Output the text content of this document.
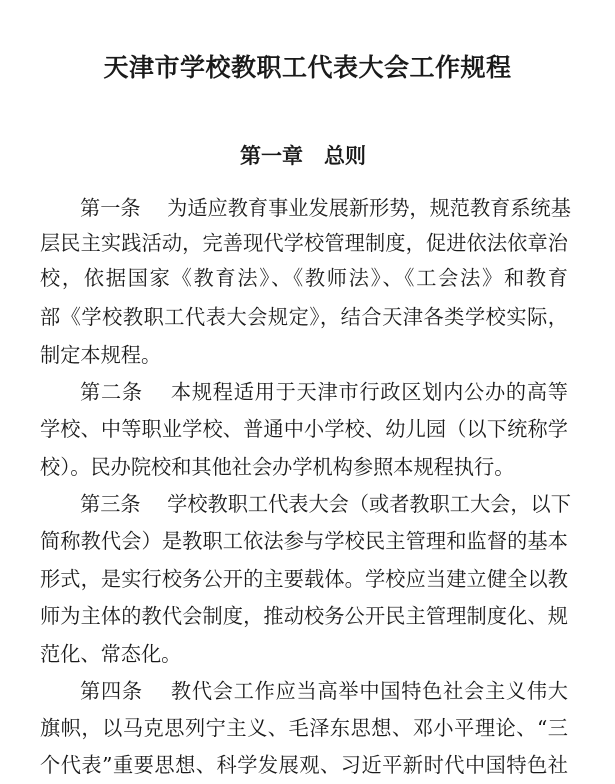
天津市学校教职工代表大会工作规程
第一章　总则
第一条　 为适应教育事业发展新形势，规范教育系统基
层民主实践活动，完善现代学校管理制度，促进依法依章治
校，依据国家《教育法》、《教师法》、《工会法》和教育
部《学校教职工代表大会规定》，结合天津各类学校实际，
制定本规程。
第二条　 本规程适用于天津市行政区划内公办的高等
学校、中等职业学校、普通中小学校、幼儿园（以下统称学
校）。民办院校和其他社会办学机构参照本规程执行。
第三条　 学校教职工代表大会（或者教职工大会，以下
简称教代会）是教职工依法参与学校民主管理和监督的基本
形式，是实行校务公开的主要载体。学校应当建立健全以教
师为主体的教代会制度，推动校务公开民主管理制度化、规
范化、常态化。
第四条　 教代会工作应当高举中国特色社会主义伟大
旗帜，以马克思列宁主义、毛泽东思想、邓小平理论、“三
个代表”重要思想、科学发展观、习近平新时代中国特色社
